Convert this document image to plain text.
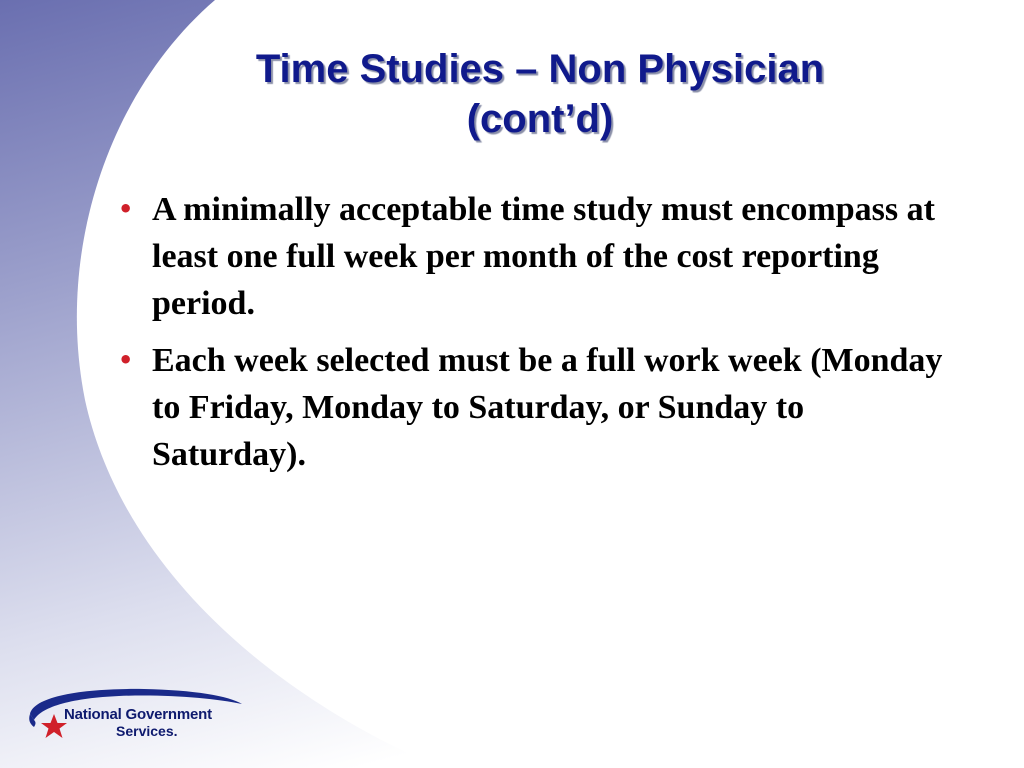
Time Studies – Non Physician
(cont’d)
• A minimally acceptable time study must encompass at least one full week per month of the cost reporting period.
• Each week selected must be a full work week (Monday to Friday, Monday to Saturday, or Sunday to Saturday).
National Government
Services.
